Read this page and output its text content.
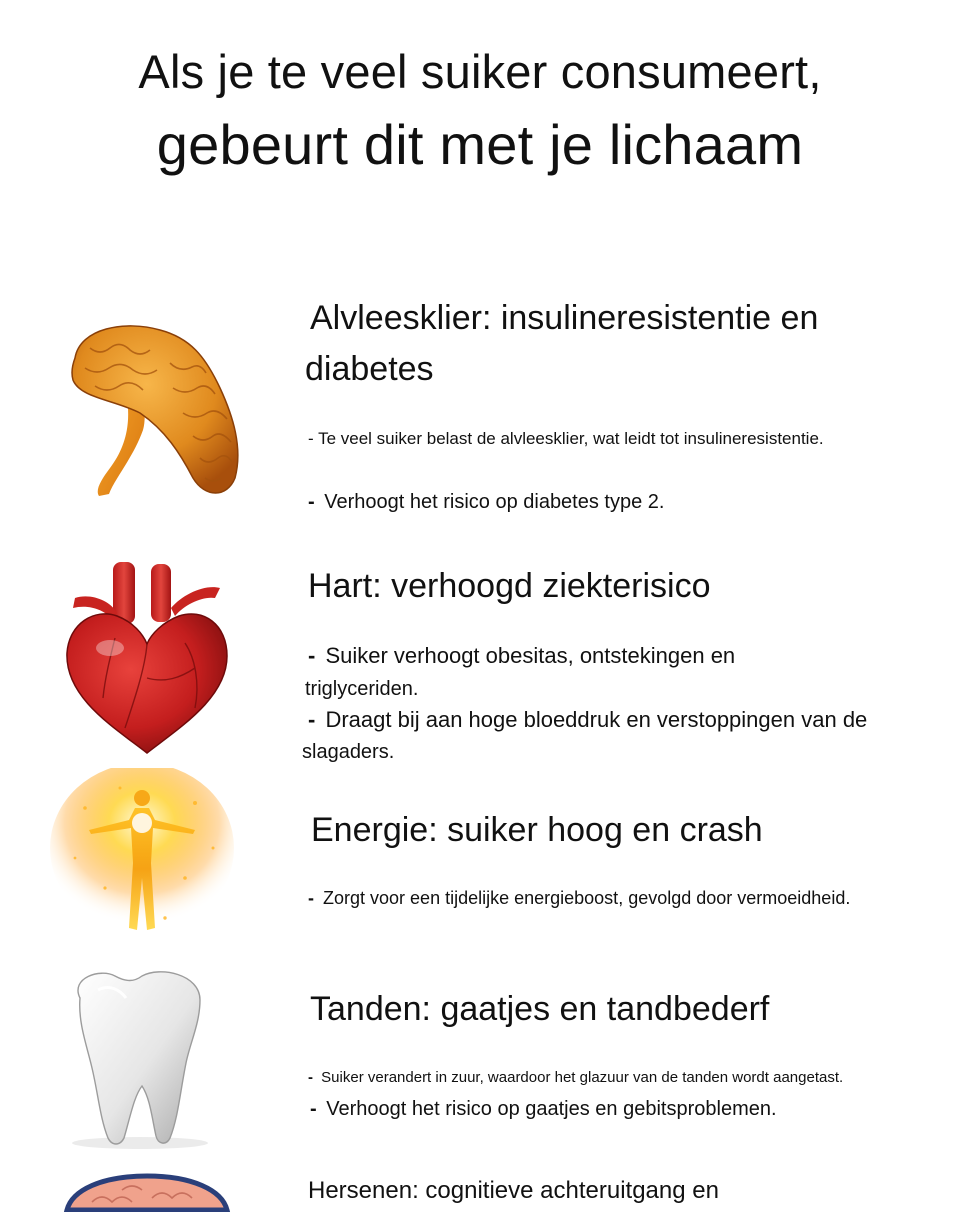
Als je te veel suiker consumeert,
gebeurt dit met je lichaam
Alvleesklier: insulineresistentie en
diabetes

- Te veel suiker belast de alvleesklier, wat leidt tot insulineresistentie.

- Verhoogt het risico op diabetes type 2.

Hart: verhoogd ziekterisico

- Suiker verhoogt obesitas, ontstekingen en

triglyceriden.

- Draagt bij aan hoge bloeddruk en verstoppingen van de

slagaders.

Energie: suiker hoog en crash

- Zorgt voor een tijdelijke energieboost, gevolgd door vermoeidheid.

Tanden: gaatjes en tandbederf

- Suiker verandert in zuur, waardoor het glazuur van de tanden wordt aangetast.

- Verhoogt het risico op gaatjes en gebitsproblemen.

Hersenen: cognitieve achteruitgang en
